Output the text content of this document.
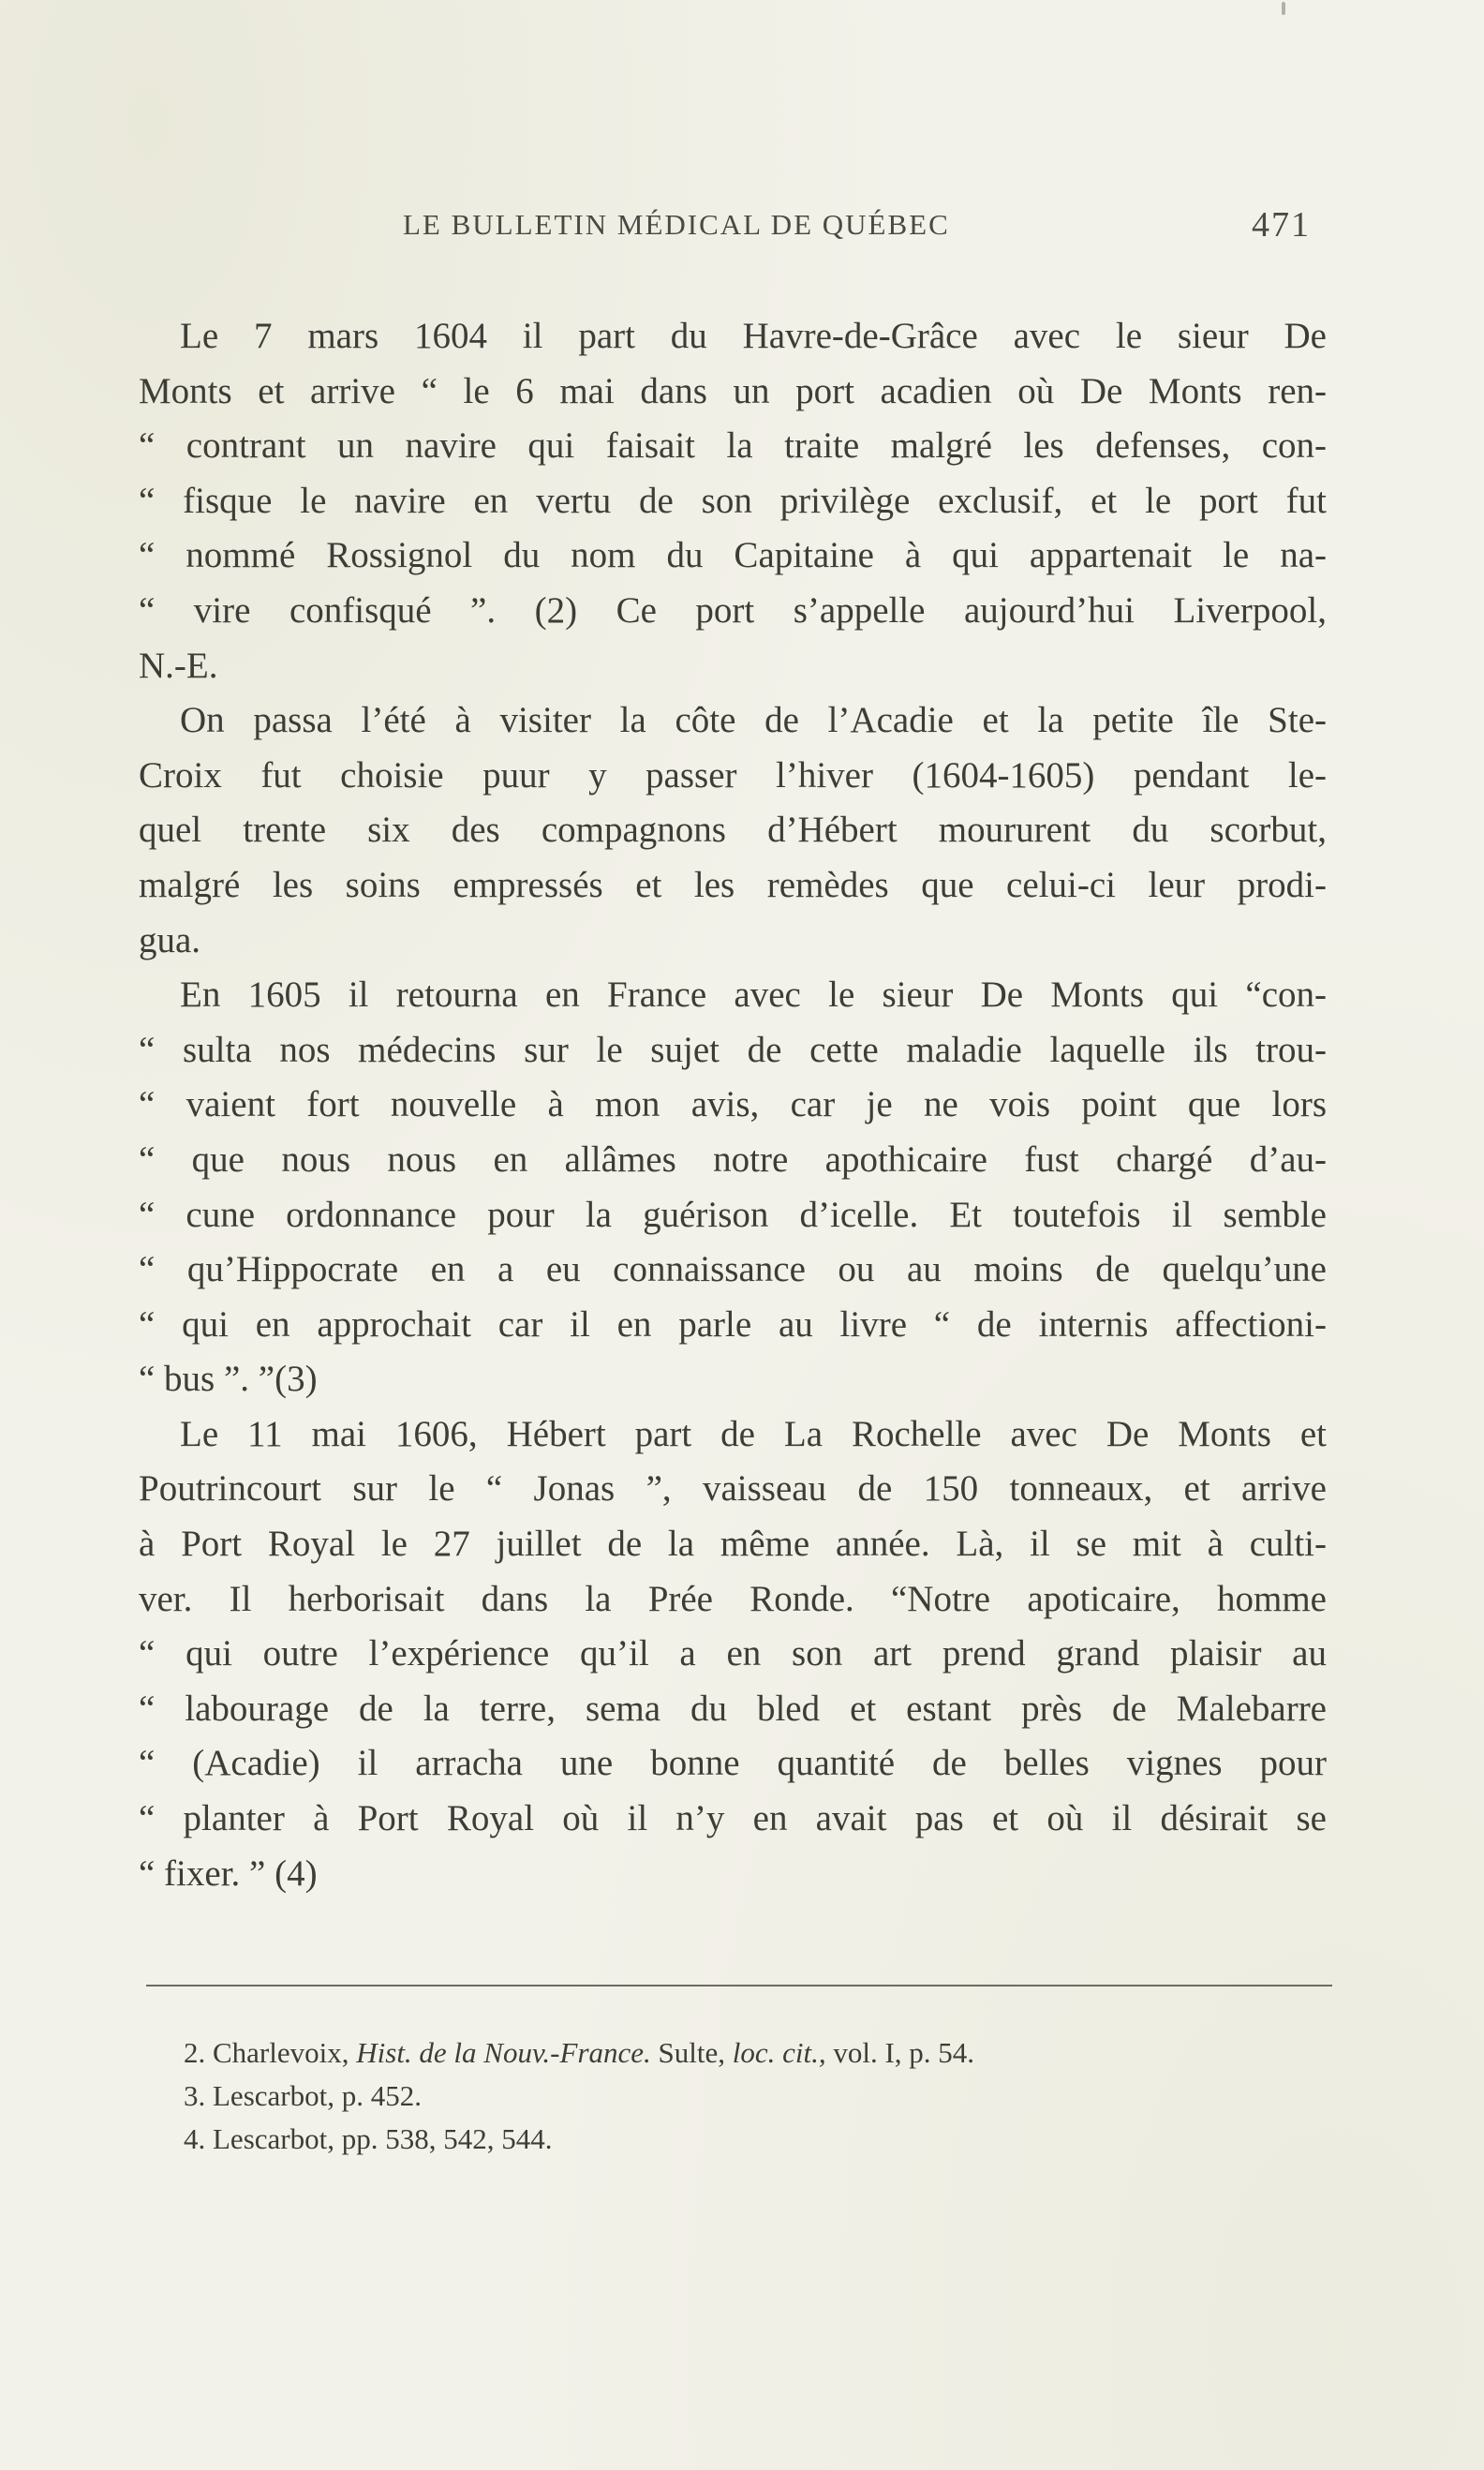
LE BULLETIN MÉDICAL DE QUÉBEC	471
Le 7 mars 1604 il part du Havre-de-Grâce avec le sieur De
Monts et arrive “ le 6 mai dans un port acadien où De Monts ren-
“ contrant un navire qui faisait la traite malgré les defenses, con-
“ fisque le navire en vertu de son privilège exclusif, et le port fut
“ nommé Rossignol du nom du Capitaine à qui appartenait le na-
“ vire confisqué ”. (2) Ce port s’appelle aujourd’hui Liverpool,
N.-E.
On passa l’été à visiter la côte de l’Acadie et la petite île Ste-
Croix fut choisie puur y passer l’hiver (1604-1605) pendant le-
quel trente six des compagnons d’Hébert moururent du scorbut,
malgré les soins empressés et les remèdes que celui-ci leur prodi-
gua.
En 1605 il retourna en France avec le sieur De Monts qui “con-
“ sulta nos médecins sur le sujet de cette maladie laquelle ils trou-
“ vaient fort nouvelle à mon avis, car je ne vois point que lors
“ que nous nous en allâmes notre apothicaire fust chargé d’au-
“ cune ordonnance pour la guérison d’icelle. Et toutefois il semble
“ qu’Hippocrate en a eu connaissance ou au moins de quelqu’une
“ qui en approchait car il en parle au livre “ de internis affectioni-
“ bus ”. ”(3)
Le 11 mai 1606, Hébert part de La Rochelle avec De Monts et
Poutrincourt sur le “ Jonas ”, vaisseau de 150 tonneaux, et arrive
à Port Royal le 27 juillet de la même année. Là, il se mit à culti-
ver. Il herborisait dans la Prée Ronde. “Notre apoticaire, homme
“ qui outre l’expérience qu’il a en son art prend grand plaisir au
“ labourage de la terre, sema du bled et estant près de Malebarre
“ (Acadie) il arracha une bonne quantité de belles vignes pour
“ planter à Port Royal où il n’y en avait pas et où il désirait se
“ fixer. ” (4)
2. Charlevoix, Hist. de la Nouv.-France. Sulte, loc. cit., vol. I, p. 54.
3. Lescarbot, p. 452.
4. Lescarbot, pp. 538, 542, 544.
